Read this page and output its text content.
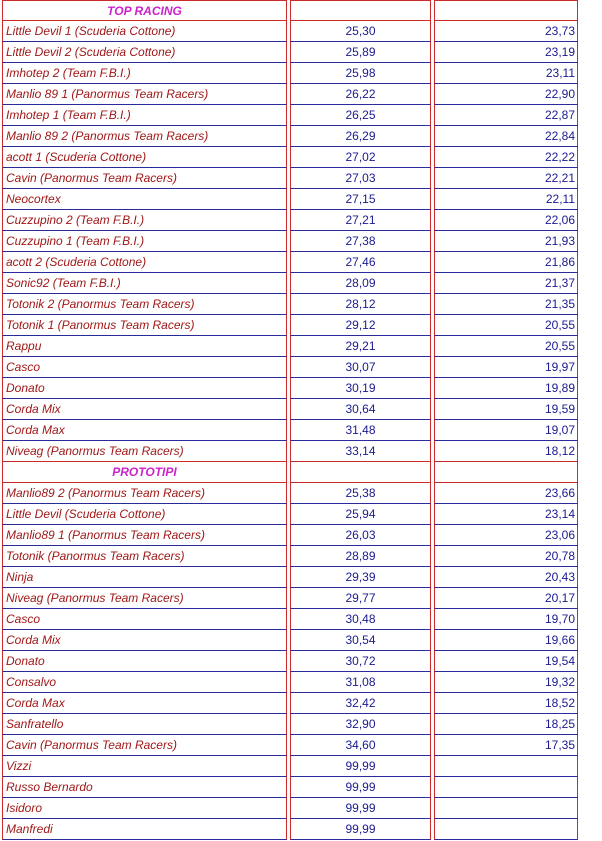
TOP RACING
Little Devil 1 (Scuderia Cottone)	25,30	23,73
Little Devil 2 (Scuderia Cottone)	25,89	23,19
Imhotep 2 (Team F.B.I.)	25,98	23,11
Manlio 89 1 (Panormus Team Racers)	26,22	22,90
Imhotep 1 (Team F.B.I.)	26,25	22,87
Manlio 89 2 (Panormus Team Racers)	26,29	22,84
acott 1 (Scuderia Cottone)	27,02	22,22
Cavin (Panormus Team Racers)	27,03	22,21
Neocortex	27,15	22,11
Cuzzupino 2 (Team F.B.I.)	27,21	22,06
Cuzzupino 1 (Team F.B.I.)	27,38	21,93
acott 2 (Scuderia Cottone)	27,46	21,86
Sonic92 (Team F.B.I.)	28,09	21,37
Totonik 2 (Panormus Team Racers)	28,12	21,35
Totonik 1 (Panormus Team Racers)	29,12	20,55
Rappu	29,21	20,55
Casco	30,07	19,97
Donato	30,19	19,89
Corda Mix	30,64	19,59
Corda Max	31,48	19,07
Niveag (Panormus Team Racers)	33,14	18,12
PROTOTIPI
Manlio89 2 (Panormus Team Racers)	25,38	23,66
Little Devil (Scuderia Cottone)	25,94	23,14
Manlio89 1 (Panormus Team Racers)	26,03	23,06
Totonik (Panormus Team Racers)	28,89	20,78
Ninja	29,39	20,43
Niveag (Panormus Team Racers)	29,77	20,17
Casco	30,48	19,70
Corda Mix	30,54	19,66
Donato	30,72	19,54
Consalvo	31,08	19,32
Corda Max	32,42	18,52
Sanfratello	32,90	18,25
Cavin (Panormus Team Racers)	34,60	17,35
Vizzi	99,99
Russo Bernardo	99,99
Isidoro	99,99
Manfredi	99,99
